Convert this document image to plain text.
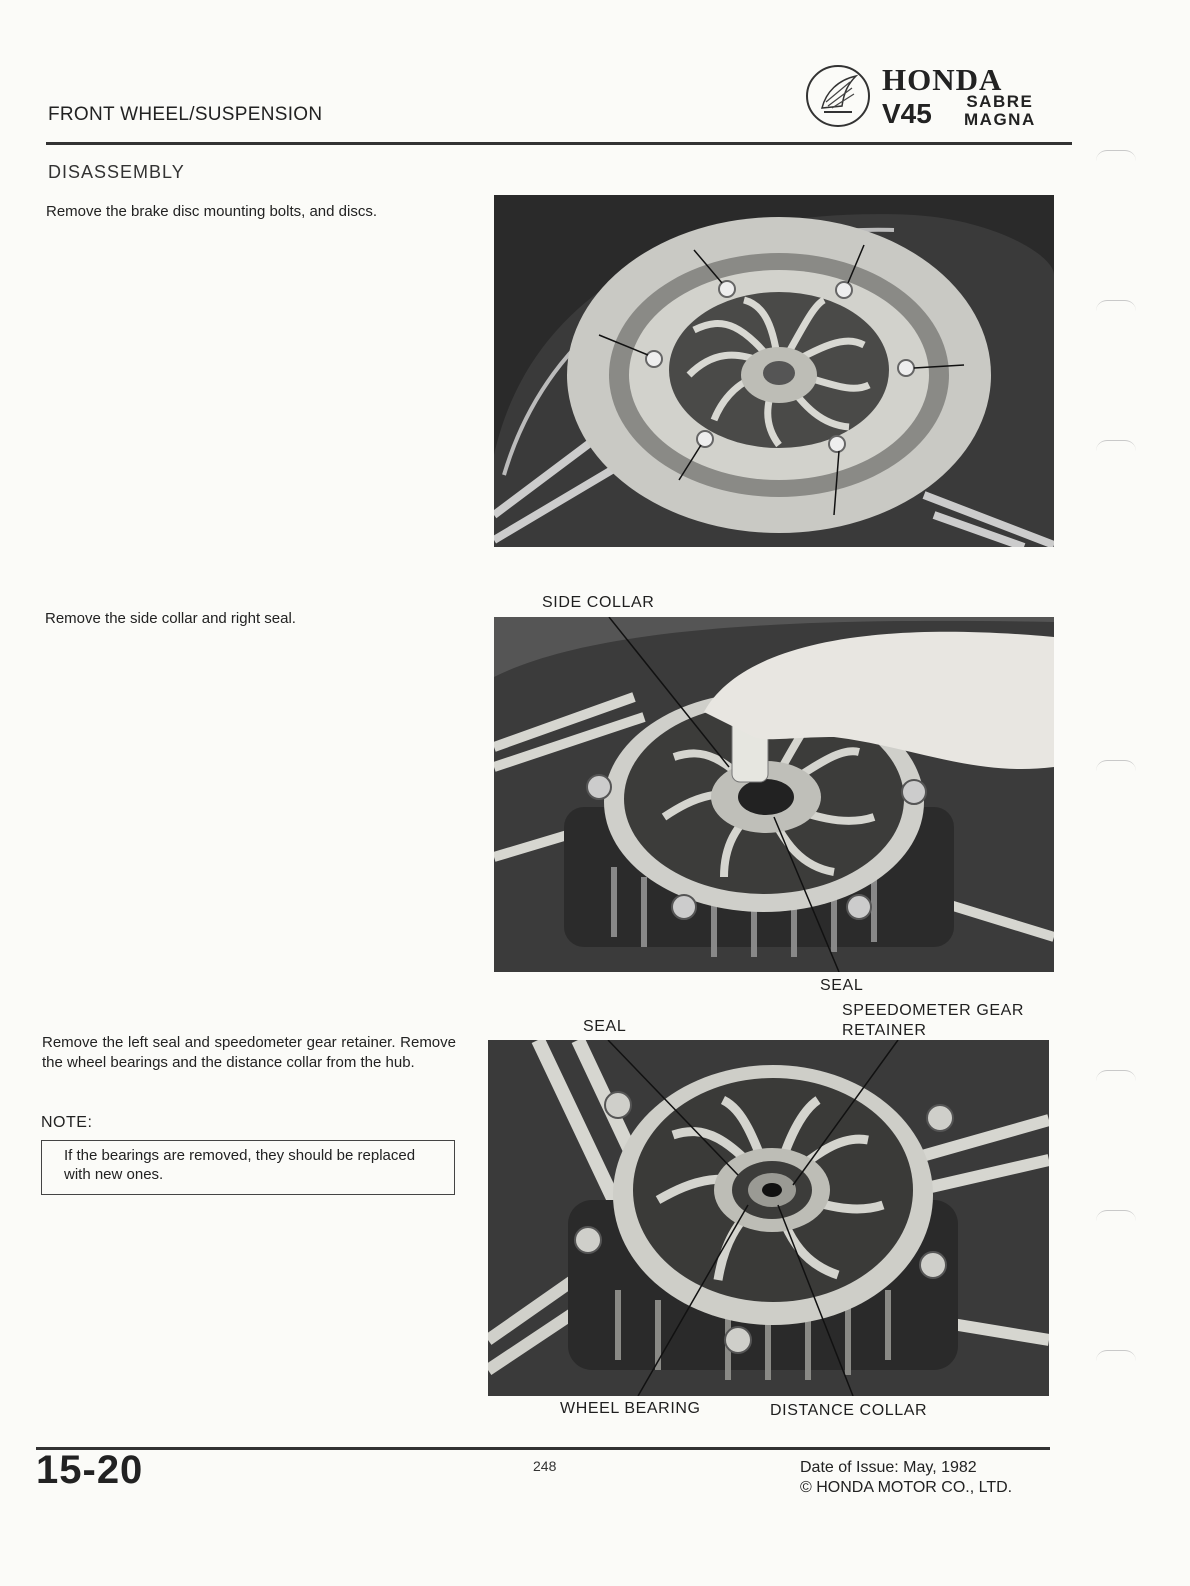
FRONT WHEEL/SUSPENSION
HONDA
V45 SABRE
MAGNA
DISASSEMBLY
Remove the brake disc mounting bolts, and discs.
Remove the side collar and right seal.
Remove the left seal and speedometer gear retainer. Remove the wheel bearings and the distance collar from the hub.
NOTE:
If the bearings are removed, they should be replaced with new ones.
SIDE COLLAR
SEAL
SEAL
SPEEDOMETER GEAR
RETAINER
WHEEL BEARING	DISTANCE COLLAR
15-20	248	Date of Issue: May, 1982
© HONDA MOTOR CO., LTD.
